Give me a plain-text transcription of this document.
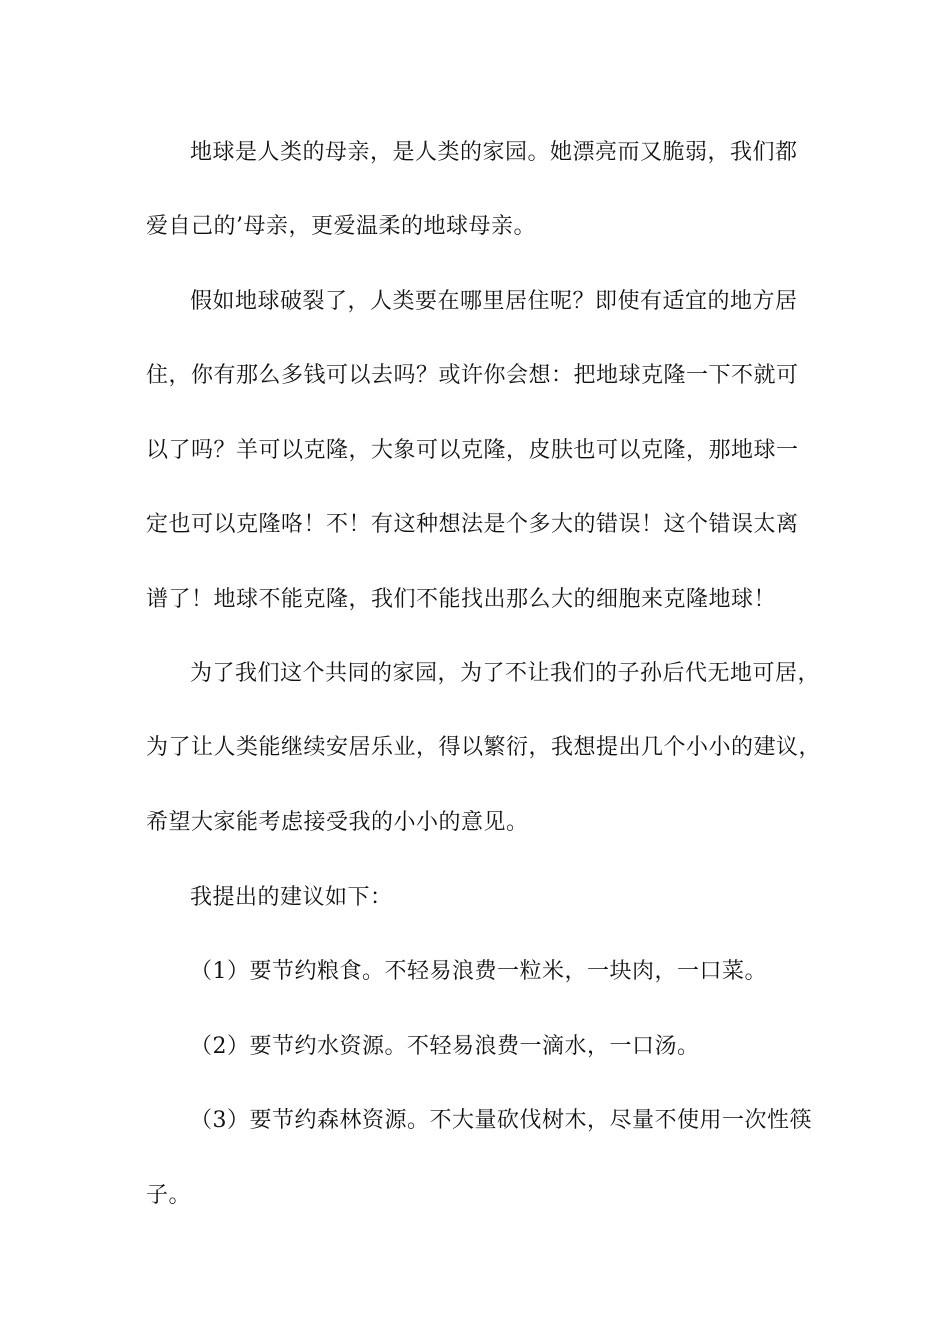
地球是人类的母亲，是人类的家园。她漂亮而又脆弱，我们都
爱自己的’母亲，更爱温柔的地球母亲。
假如地球破裂了，人类要在哪里居住呢？即使有适宜的地方居
住，你有那么多钱可以去吗？或许你会想：把地球克隆一下不就可
以了吗？羊可以克隆，大象可以克隆，皮肤也可以克隆，那地球一
定也可以克隆咯！不！有这种想法是个多大的错误！这个错误太离
谱了！地球不能克隆，我们不能找出那么大的细胞来克隆地球！
为了我们这个共同的家园，为了不让我们的子孙后代无地可居，
为了让人类能继续安居乐业，得以繁衍，我想提出几个小小的建议，
希望大家能考虑接受我的小小的意见。
我提出的建议如下：
（1）要节约粮食。不轻易浪费一粒米，一块肉，一口菜。
（2）要节约水资源。不轻易浪费一滴水，一口汤。
（3）要节约森林资源。不大量砍伐树木，尽量不使用一次性筷
子。
